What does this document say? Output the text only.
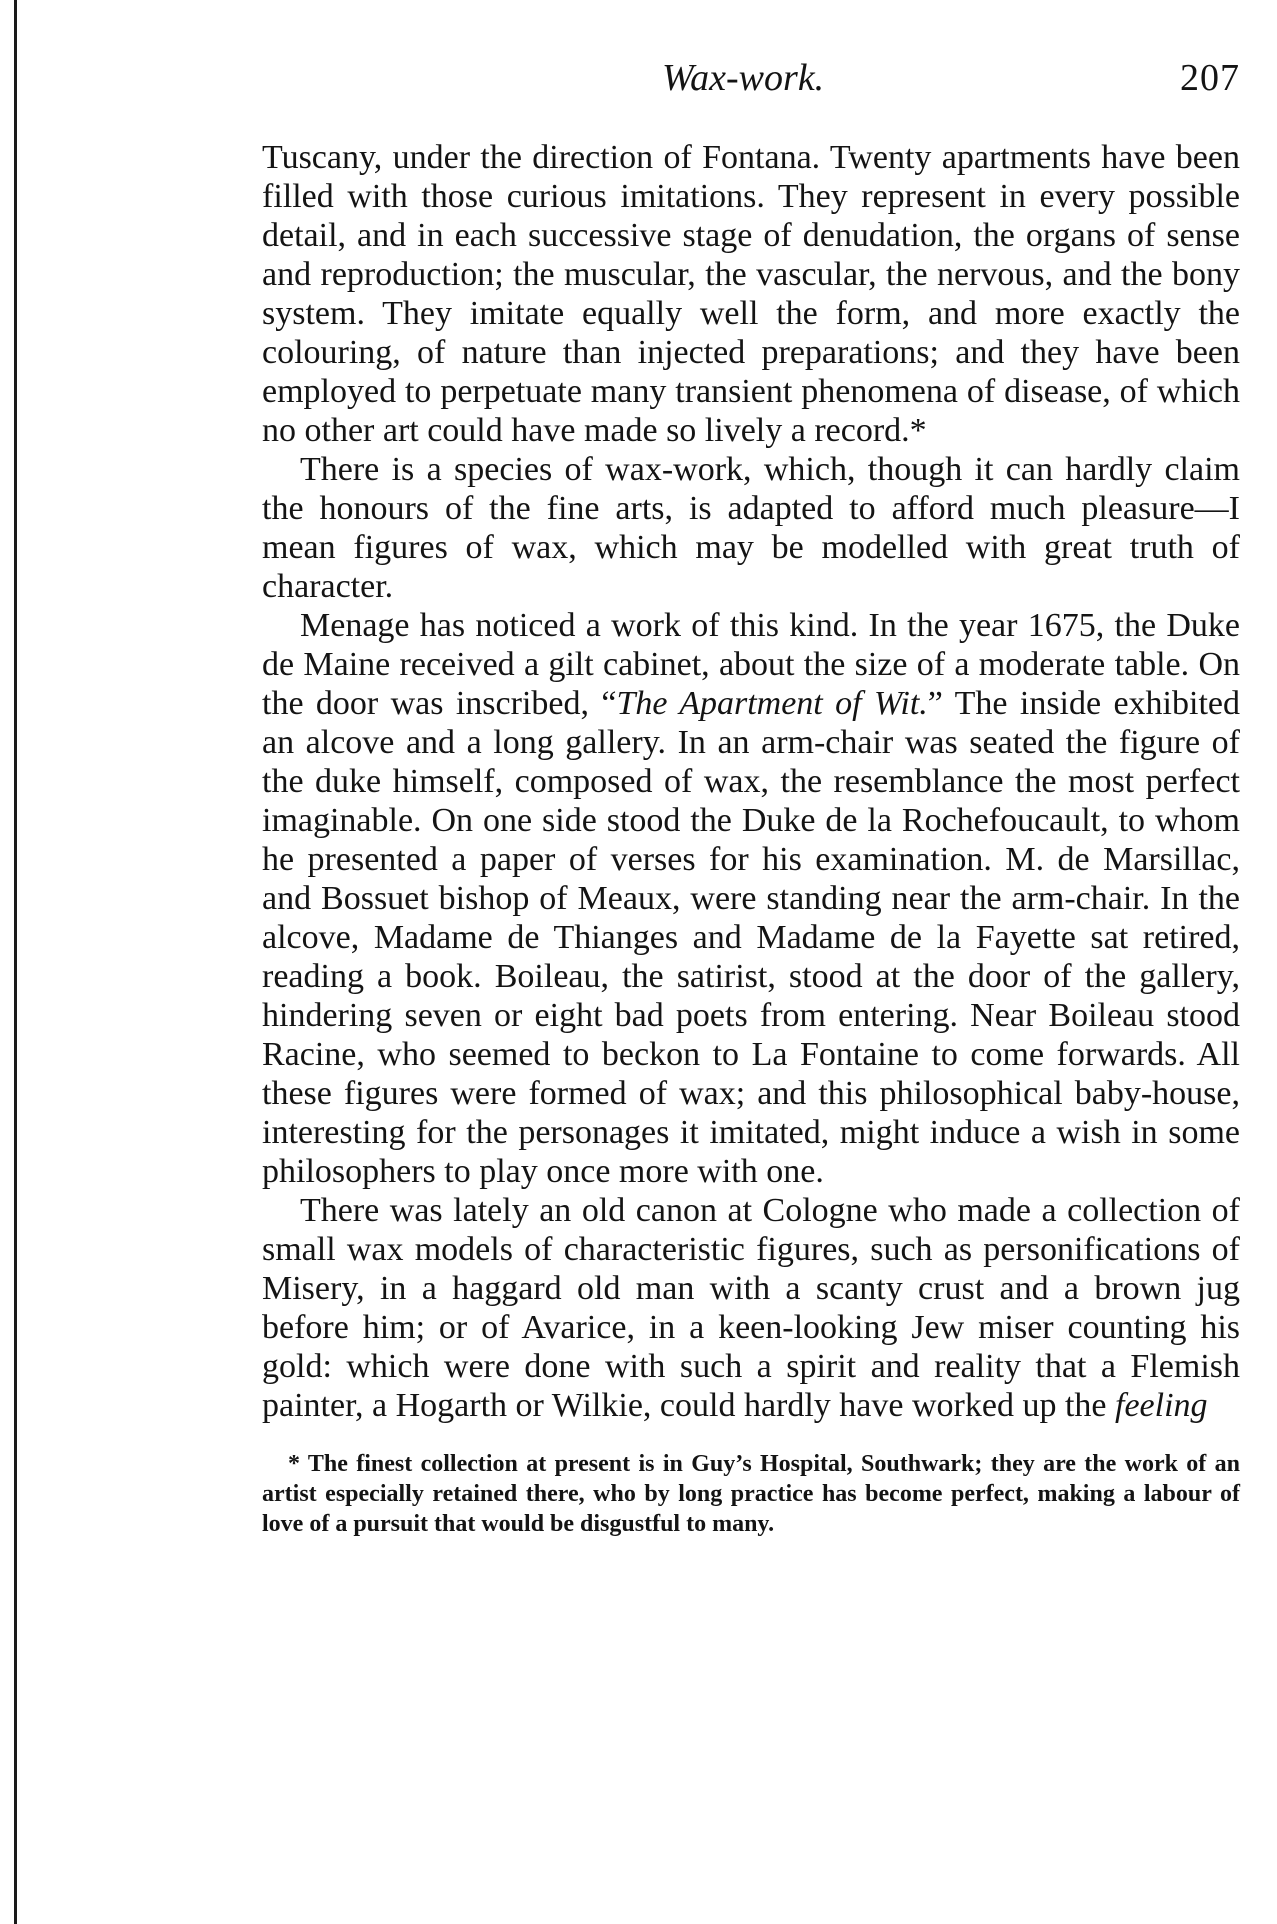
Wax-work.	207

Tuscany, under the direction of Fontana. Twenty apartments have been filled with those curious imitations. They represent in every possible detail, and in each successive stage of denudation, the organs of sense and reproduction; the muscular, the vascular, the nervous, and the bony system. They imitate equally well the form, and more exactly the colouring, of nature than injected preparations; and they have been employed to perpetuate many transient phenomena of disease, of which no other art could have made so lively a record.*

There is a species of wax-work, which, though it can hardly claim the honours of the fine arts, is adapted to afford much pleasure—I mean figures of wax, which may be modelled with great truth of character.

Menage has noticed a work of this kind. In the year 1675, the Duke de Maine received a gilt cabinet, about the size of a moderate table. On the door was inscribed, “The Apartment of Wit.” The inside exhibited an alcove and a long gallery. In an arm-chair was seated the figure of the duke himself, composed of wax, the resemblance the most perfect imaginable. On one side stood the Duke de la Rochefoucault, to whom he presented a paper of verses for his examination. M. de Marsillac, and Bossuet bishop of Meaux, were standing near the arm-chair. In the alcove, Madame de Thianges and Madame de la Fayette sat retired, reading a book. Boileau, the satirist, stood at the door of the gallery, hindering seven or eight bad poets from entering. Near Boileau stood Racine, who seemed to beckon to La Fontaine to come forwards. All these figures were formed of wax; and this philosophical baby-house, interesting for the personages it imitated, might induce a wish in some philosophers to play once more with one.

There was lately an old canon at Cologne who made a collection of small wax models of characteristic figures, such as personifications of Misery, in a haggard old man with a scanty crust and a brown jug before him; or of Avarice, in a keen-looking Jew miser counting his gold: which were done with such a spirit and reality that a Flemish painter, a Hogarth or Wilkie, could hardly have worked up the feeling

* The finest collection at present is in Guy’s Hospital, Southwark; they are the work of an artist especially retained there, who by long practice has become perfect, making a labour of love of a pursuit that would be disgustful to many.
